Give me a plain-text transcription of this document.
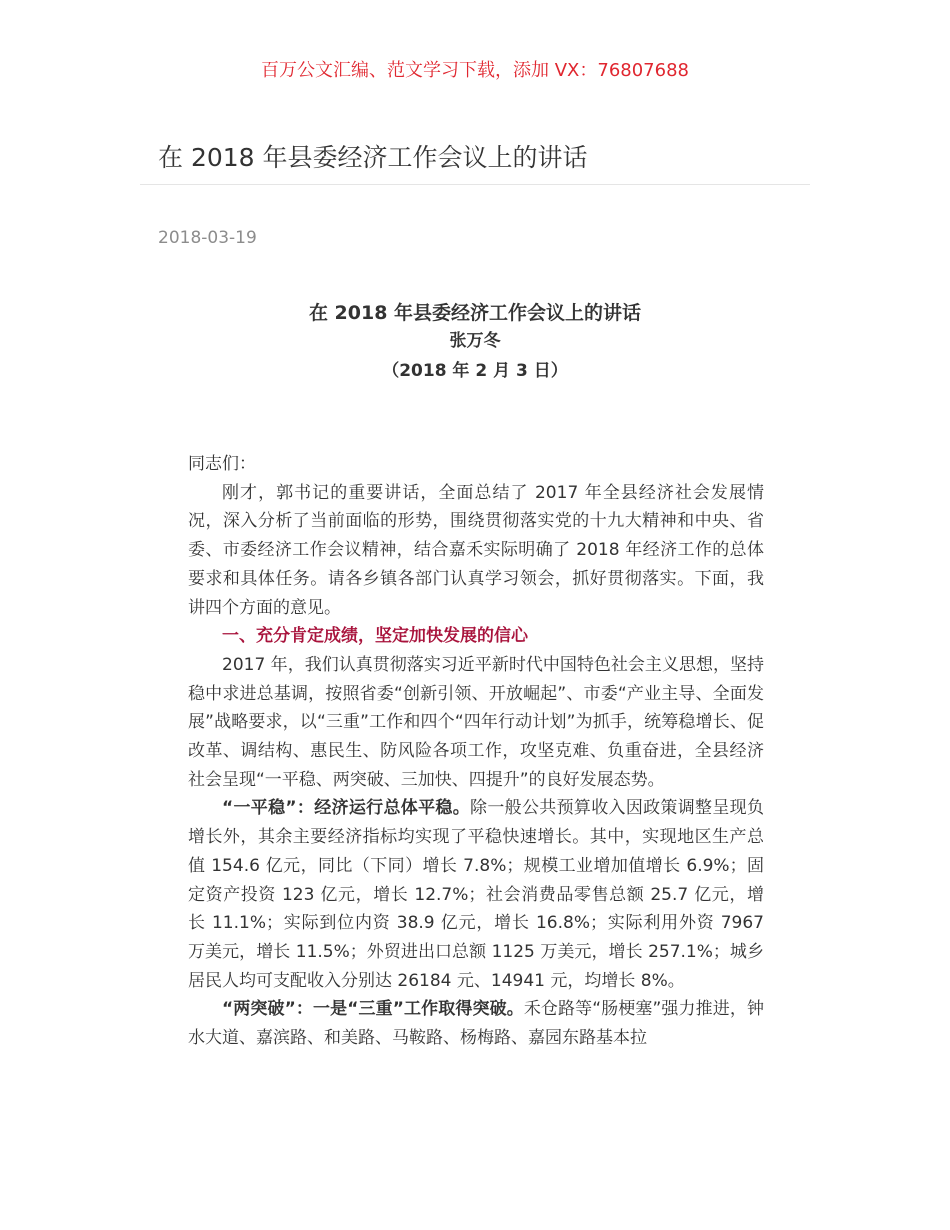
百万公文汇编、范文学习下载，添加 VX：76807688
在 2018 年县委经济工作会议上的讲话
2018-03-19
在 2018 年县委经济工作会议上的讲话
张万冬
（2018 年 2 月 3 日）

同志们：

刚才，郭书记的重要讲话，全面总结了 2017 年全县经济社会发展情况，深入分析了当前面临的形势，围绕贯彻落实党的十九大精神和中央、省委、市委经济工作会议精神，结合嘉禾实际明确了 2018 年经济工作的总体要求和具体任务。请各乡镇各部门认真学习领会，抓好贯彻落实。下面，我讲四个方面的意见。

一、充分肯定成绩，坚定加快发展的信心

2017 年，我们认真贯彻落实习近平新时代中国特色社会主义思想，坚持稳中求进总基调，按照省委“创新引领、开放崛起”、市委“产业主导、全面发展”战略要求，以“三重”工作和四个“四年行动计划”为抓手，统筹稳增长、促改革、调结构、惠民生、防风险各项工作，攻坚克难、负重奋进，全县经济社会呈现“一平稳、两突破、三加快、四提升”的良好发展态势。

“一平稳”：经济运行总体平稳。除一般公共预算收入因政策调整呈现负增长外，其余主要经济指标均实现了平稳快速增长。其中，实现地区生产总值 154.6 亿元，同比（下同）增长 7.8%；规模工业增加值增长 6.9%；固定资产投资 123 亿元，增长 12.7%；社会消费品零售总额 25.7 亿元，增长 11.1%；实际到位内资 38.9 亿元，增长 16.8%；实际利用外资 7967 万美元，增长 11.5%；外贸进出口总额 1125 万美元，增长 257.1%；城乡居民人均可支配收入分别达 26184 元、14941 元，均增长 8%。

“两突破”：一是“三重”工作取得突破。禾仓路等“肠梗塞”强力推进，钟水大道、嘉滨路、和美路、马鞍路、杨梅路、嘉园东路基本拉
